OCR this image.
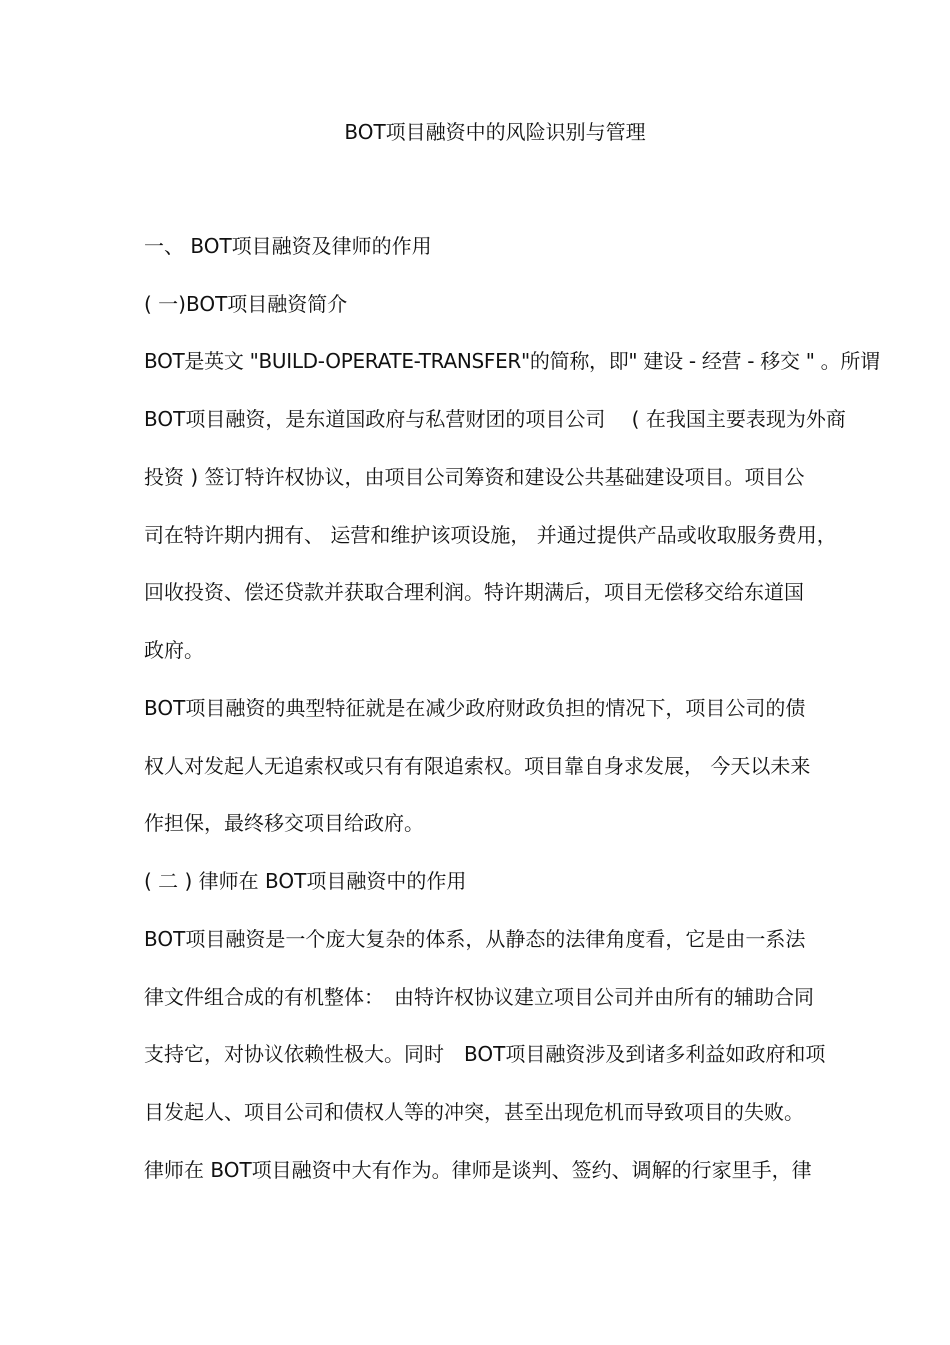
BOT项目融资中的风险识别与管理
一、 BOT项目融资及律师的作用
( 一)BOT项目融资简介
BOT是英文 "BUILD-OPERATE-TRANSFER"的简称，即" 建设 - 经营 - 移交 " 。所谓
BOT项目融资，是东道国政府与私营财团的项目公司　 ( 在我国主要表现为外商
投资 ) 签订特许权协议，由项目公司筹资和建设公共基础建设项目。项目公
司在特许期内拥有、 运营和维护该项设施， 并通过提供产品或收取服务费用，
回收投资、偿还贷款并获取合理利润。特许期满后，项目无偿移交给东道国
政府。
BOT项目融资的典型特征就是在减少政府财政负担的情况下，项目公司的债
权人对发起人无追索权或只有有限追索权。项目靠自身求发展， 今天以未来
作担保，最终移交项目给政府。
( 二 ) 律师在 BOT项目融资中的作用
BOT项目融资是一个庞大复杂的体系，从静态的法律角度看，它是由一系法
律文件组合成的有机整体：　由特许权协议建立项目公司并由所有的辅助合同
支持它，对协议依赖性极大。同时　BOT项目融资涉及到诸多利益如政府和项
目发起人、项目公司和债权人等的冲突，甚至出现危机而导致项目的失败。
律师在 BOT项目融资中大有作为。律师是谈判、签约、调解的行家里手，律
